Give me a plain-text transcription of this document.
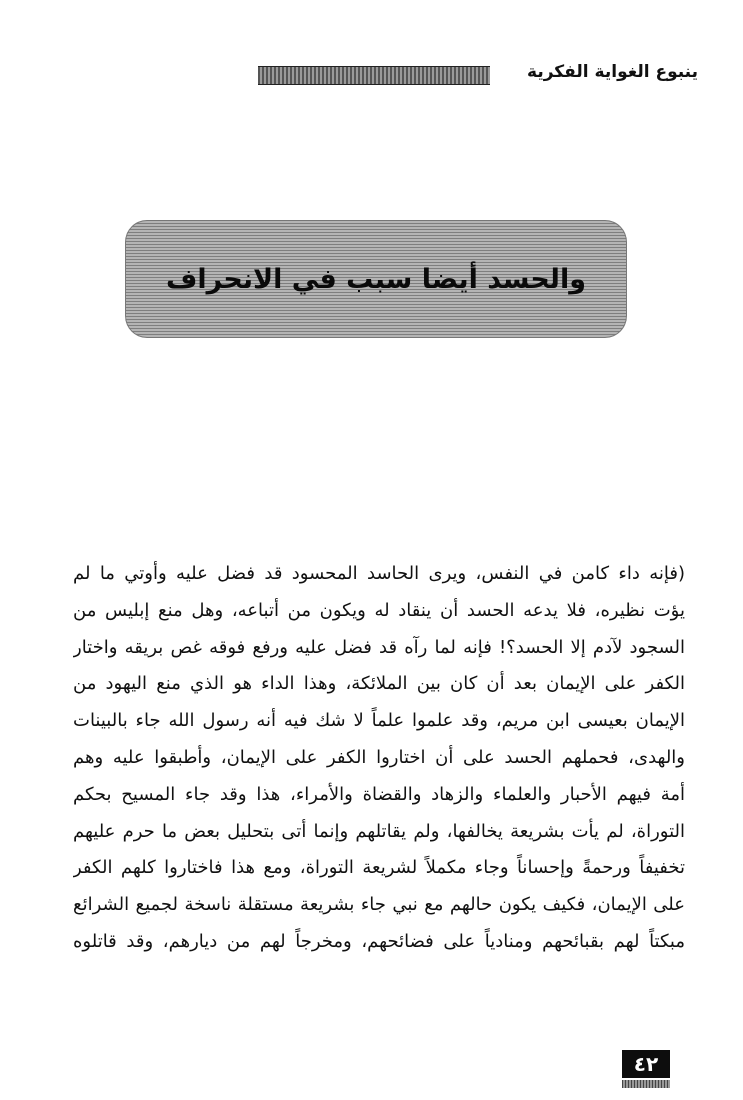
ينبوع الغواية الفكرية
والحسد أيضا سبب في الانحراف
(فإنه داء كامن في النفس، ويرى الحاسد المحسود قد فضل عليه وأوتي ما لم
يؤت نظيره، فلا يدعه الحسد أن ينقاد له ويكون من أتباعه، وهل منع إبليس من
السجود لآدم إلا الحسد؟! فإنه لما رآه قد فضل عليه ورفع فوقه غص بريقه واختار
الكفر على الإيمان بعد أن كان بين الملائكة، وهذا الداء هو الذي منع اليهود من
الإيمان بعيسى ابن مريم، وقد علموا علماً لا شك فيه أنه رسول الله جاء بالبينات
والهدى، فحملهم الحسد على أن اختاروا الكفر على الإيمان، وأطبقوا عليه وهم
أمة فيهم الأحبار والعلماء والزهاد والقضاة والأمراء، هذا وقد جاء المسيح بحكم
التوراة، لم يأت بشريعة يخالفها، ولم يقاتلهم وإنما أتى بتحليل بعض ما حرم عليهم
تخفيفاً ورحمةً وإحساناً وجاء مكملاً لشريعة التوراة، ومع هذا فاختاروا كلهم الكفر
على الإيمان، فكيف يكون حالهم مع نبي جاء بشريعة مستقلة ناسخة لجميع الشرائع
مبكتاً لهم بقبائحهم ومنادياً على فضائحهم، ومخرجاً لهم من ديارهم، وقد قاتلوه
٤٢
